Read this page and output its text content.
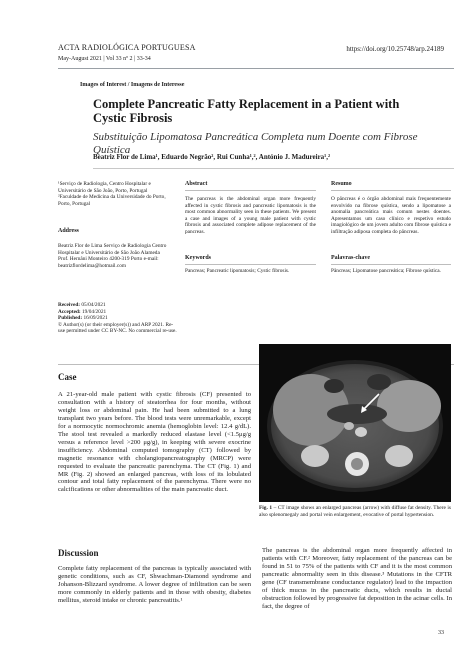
ACTA RADIOLÓGICA PORTUGUESA
May-August 2021 | Vol 33 nº 2 | 33-34
https://doi.org/10.25748/arp.24189
Images of Interest / Imagens de Interesse
Complete Pancreatic Fatty Replacement in a Patient with Cystic Fibrosis
Substituição Lipomatosa Pancreática Completa num Doente com Fibrose Quística
Beatriz Flor de Lima¹, Eduardo Negrão², Rui Cunha¹,², António J. Madureira¹,²
¹Serviço de Radiologia, Centro Hospitalar e Universitário de São João, Porto, Portugal ²Faculdade de Medicina da Universidade do Porto, Porto, Portugal
Address
Beatriz Flor de Lima Serviço de Radiologia Centro Hospitalar e Universitário de São João Alameda Prof. Hernâni Monteiro 4200-319 Porto e-mail: beatrizflordelima@hotmail.com
Received: 05/04/2021
Accepted: 19/04/2021
Published: 16/09/2021
© Author(s) (or their employer(s)) and ARP 2021. Re-use permitted under CC BY-NC. No commercial re-use.
Abstract
The pancreas is the abdominal organ more frequently affected in cystic fibrosis and pancreatic lipomatosis is the most common abnormality seen in these patients. We present a case and images of a young male patient with cystic fibrosis and associated complete adipose replacement of the pancreas.
Keywords
Pancreas; Pancreatic lipomatosis; Cystic fibrosis.
Resumo
O pâncreas é o órgão abdominal mais frequentemente envolvido na fibrose quística, sendo a lipomatose a anomalia pancreática mais comum nestes doentes. Apresentamos um caso clínico e respetivo estudo imagiológico de um jovem adulto com fibrose quística e infiltração adiposa completa do pâncreas.
Palavras-chave
Pâncreas; Lipomatose pancreática; Fibrose quística.
Case
A 21-year-old male patient with cystic fibrosis (CF) presented to consultation with a history of steatorrhea for four months, without weight loss or abdominal pain. He had been submitted to a lung transplant two years before. The blood tests were unremarkable, except for a normocytic normochromic anemia (hemoglobin level: 12.4 g/dL). The stool test revealed a markedly reduced elastase level (<1.5μg/g versus a reference level >200 μg/g), in keeping with severe exocrine insufficiency. Abdominal computed tomography (CT) followed by magnetic resonance with cholangiopancreatography (MRCP) were requested to evaluate the pancreatic parenchyma. The CT (Fig. 1) and MR (Fig. 2) showed an enlarged pancreas, with loss of its lobulated contour and total fatty replacement of the parenchyma. There were no calcifications or other abnormalities of the main pancreatic duct.
Fig. 1 – CT image shows an enlarged pancreas (arrow) with diffuse fat density. There is also splenomegaly and portal vein enlargement, evocative of portal hypertension.
Discussion
Complete fatty replacement of the pancreas is typically associated with genetic conditions, such as CF, Shwachman-Diamond syndrome and Johanson-Blizzard syndrome. A lower degree of infiltration can be seen more commonly in elderly patients and in those with obesity, diabetes mellitus, steroid intake or chronic pancreatitis.¹
The pancreas is the abdominal organ more frequently affected in patients with CF.² Moreover, fatty replacement of the pancreas can be found in 51 to 75% of the patients with CF and it is the most common pancreatic abnormality seen in this disease.³ Mutations in the CFTR gene (CF transmembrane conductance regulator) lead to the impaction of thick mucus in the pancreatic ducts, which results in ductal obstruction followed by progressive fat deposition in the acinar cells. In fact, the degree of
33
